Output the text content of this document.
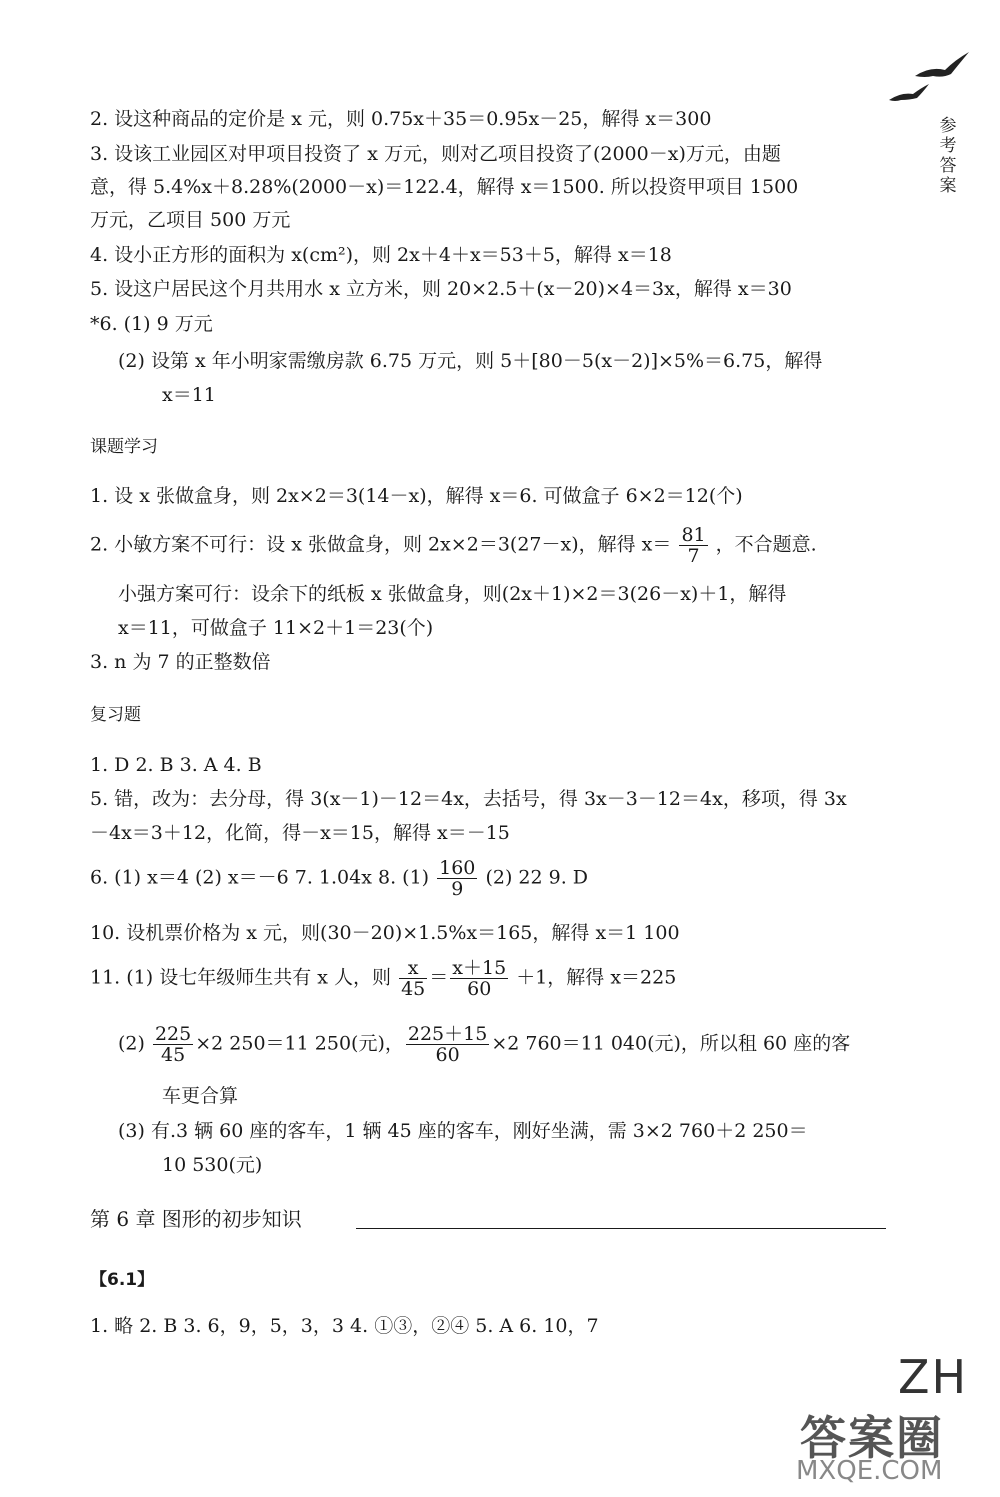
参
考
答
案
2. 设这种商品的定价是 x 元，则 0.75x＋35＝0.95x－25，解得 x＝300
3. 设该工业园区对甲项目投资了 x 万元，则对乙项目投资了(2000－x)万元，由题
意，得 5.4%x＋8.28%(2000－x)＝122.4，解得 x＝1500. 所以投资甲项目 1500
万元，乙项目 500 万元
4. 设小正方形的面积为 x(cm²)，则 2x＋4＋x＝53＋5，解得 x＝18
5. 设这户居民这个月共用水 x 立方米，则 20×2.5＋(x－20)×4＝3x，解得 x＝30
*6. (1) 9 万元
(2) 设第 x 年小明家需缴房款 6.75 万元，则 5＋[80－5(x－2)]×5%＝6.75，解得
x＝11
课题学习
1. 设 x 张做盒身，则 2x×2＝3(14－x)，解得 x＝6. 可做盒子 6×2＝12(个)
2. 小敏方案不可行：设 x 张做盒身，则 2x×2＝3(27－x)，解得 $x= \frac{81}{7}$ ，不合题意.
小强方案可行：设余下的纸板 x 张做盒身，则(2x＋1)×2＝3(26－x)＋1，解得
x＝11，可做盒子 11×2＋1＝23(个)
3. n 为 7 的正整数倍
复习题
1. D 2. B 3. A 4. B
5. 错，改为：去分母，得 3(x－1)－12＝4x，去括号，得 3x－3－12＝4x，移项，得 3x
－4x＝3＋12，化简，得－x＝15，解得 x＝－15
6. (1) x＝4 (2) x＝－6 7. 1.04x 8. $(1) \frac{160}{9} (2)$ 22 9. D
10. 设机票价格为 x 元，则(30－20)×1.5%x＝165，解得 x＝1 100
11. (1) 设七年级师生共有 x 人，则 $\frac{x}{45} = \frac{x+15}{60} +1$，解得 x＝225
$(2) \frac{225}{45} \times 2$ 250＝11 250(元)， $\frac{225+15}{60} \times 2$ 760＝11 040(元)，所以租 60 座的客
车更合算
(3) 有.3 辆 60 座的客车，1 辆 45 座的客车，刚好坐满，需 3×2 760＋2 250＝
10 530(元)
第 6 章 图形的初步知识
【6.1】
1. 略 2. B 3. 6，9，5，3，3 4. ①③，②④ 5. A 6. 10，7
ZH
答案圈
MXQE.COM
